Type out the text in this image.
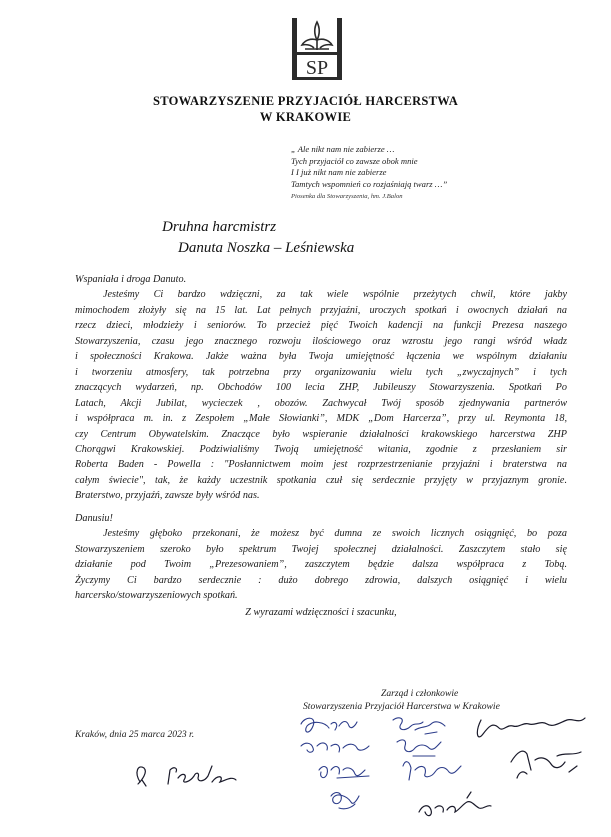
SP
STOWARZYSZENIE PRZYJACIÓŁ HARCERSTWA
W KRAKOWIE
„ Ale nikt nam nie zabierze …
Tych przyjaciół co zawsze obok mnie
I I już nikt nam nie zabierze
Tamtych wspomnień co rozjaśniają twarz …”
Piosenka dla Stowarzyszenia, hm. J.Balon
Druhna harcmistrz
Danuta Noszka – Leśniewska

Wspaniała i droga Danuto.

Jesteśmy Ci bardzo wdzięczni, za tak wiele wspólnie przeżytych chwil, które jakby

mimochodem złożyły się na 15 lat. Lat pełnych przyjaźni, uroczych spotkań i owocnych działań na

rzecz dzieci, młodzieży i seniorów. To przecież pięć Twoich kadencji na funkcji Prezesa naszego

Stowarzyszenia, czasu jego znacznego rozwoju ilościowego oraz wzrostu jego rangi wśród władz

i społeczności Krakowa. Jakże ważna była Twoja umiejętność łączenia we wspólnym działaniu

i tworzeniu atmosfery, tak potrzebna przy organizowaniu wielu tych „zwyczajnych” i tych

znaczących wydarzeń, np. Obchodów 100 lecia ZHP, Jubileuszy Stowarzyszenia. Spotkań Po

Latach, Akcji Jubilat, wycieczek , obozów. Zachwycał Twój sposób zjednywania partnerów

i współpraca m. in. z Zespołem „Małe Słowianki”, MDK „Dom Harcerza”, przy ul. Reymonta 18,

czy Centrum Obywatelskim. Znaczące było wspieranie działalności krakowskiego harcerstwa ZHP

Chorągwi Krakowskiej. Podziwialiśmy Twoją umiejętność witania, zgodnie z przesłaniem sir

Roberta Baden - Powella : "Posłannictwem moim jest rozprzestrzenianie przyjaźni i braterstwa na

całym świecie", tak, że każdy uczestnik spotkania czuł się serdecznie przyjęty w przyjaznym gronie.

Braterstwo, przyjaźń, zawsze były wśród nas.

Danusiu!

Jesteśmy głęboko przekonani, że możesz być dumna ze swoich licznych osiągnięć, bo poza

Stowarzyszeniem szeroko było spektrum Twojej społecznej działalności. Zaszczytem stało się

działanie pod Twoim „Prezesowaniem”, zaszczytem będzie dalsza współpraca z Tobą.

Życzymy Ci bardzo serdecznie : dużo dobrego zdrowia, dalszych osiągnięć i wielu

harcersko/stowarzyszeniowych spotkań.

Z wyrazami wdzięczności i szacunku,

Zarząd i członkowie
Stowarzyszenia Przyjaciół Harcerstwa w Krakowie
Kraków, dnia 25 marca 2023 r.
